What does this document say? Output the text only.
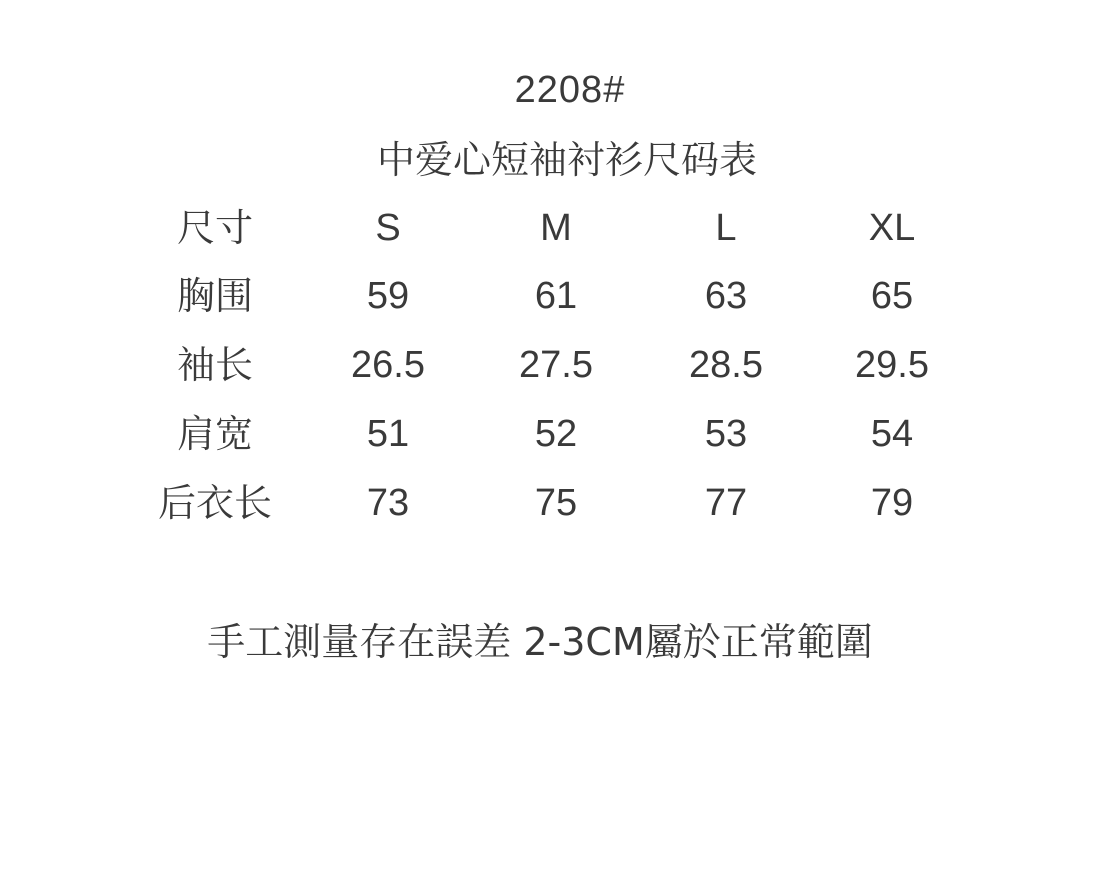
2208#
中爱心短袖衬衫尺码表
尺寸	S	M	L	XL
胸围	59	61	63	65
袖长	26.5	27.5	28.5	29.5
肩宽	51	52	53	54
后衣长	73	75	77	79
手工測量存在誤差 2-3CM屬於正常範圍
